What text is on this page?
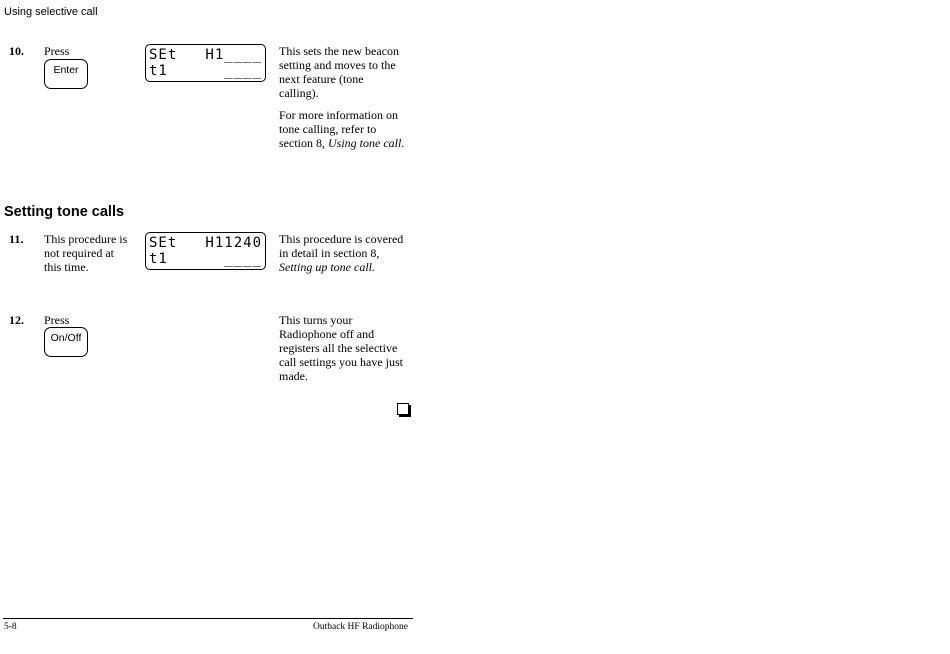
Using selective call
10. Press
Enter
SEt H1____
t1	____

This sets the new beacon setting and moves to the next feature (tone calling).

For more information on tone calling, refer to section 8, Using tone call.

Setting tone calls
11. This procedure is not required at this time.
SEt H11240
t1	____

This procedure is covered in detail in section 8, Setting up tone call.

12. Press
On/Off

This turns your Radiophone off and registers all the selective call settings you have just made.

5-8	Outback HF Radiophone
